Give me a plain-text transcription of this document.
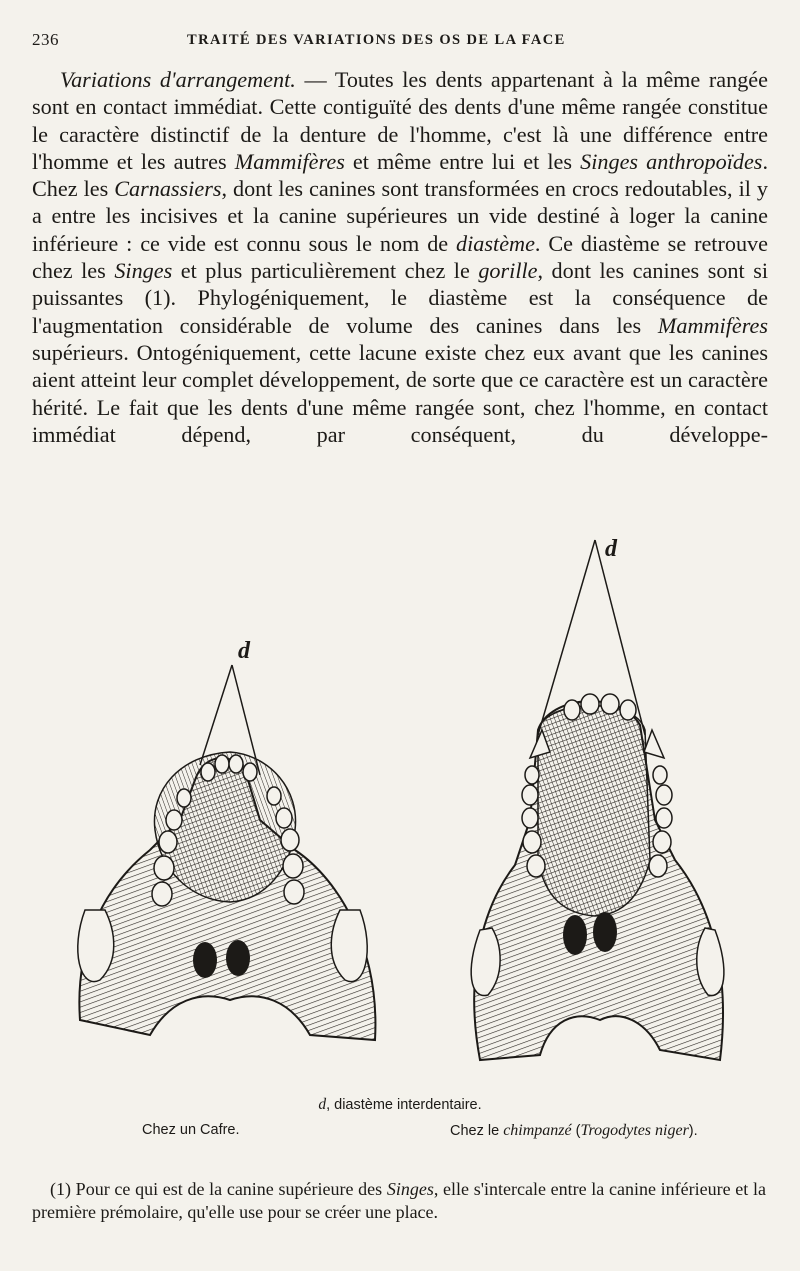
236	TRAITÉ DES VARIATIONS DES OS DE LA FACE

Variations d'arrangement. — Toutes les dents appartenant à la même rangée sont en contact immédiat. Cette contiguïté des dents d'une même rangée constitue le caractère distinctif de la denture de l'homme, c'est là une différence entre l'homme et les autres Mammifères et même entre lui et les Singes anthropoïdes. Chez les Carnassiers, dont les canines sont transformées en crocs redoutables, il y a entre les incisives et la canine supérieures un vide destiné à loger la canine inférieure : ce vide est connu sous le nom de diastème. Ce diastème se retrouve chez les Singes et plus particulièrement chez le gorille, dont les canines sont si puissantes (1). Phylogéniquement, le diastème est la conséquence de l'augmentation considérable de volume des canines dans les Mammifères supérieurs. Ontogéniquement, cette lacune existe chez eux avant que les canines aient atteint leur complet développement, de sorte que ce caractère est un caractère hérité. Le fait que les dents d'une même rangée sont, chez l'homme, en contact immédiat dépend, par conséquent, du développe-

d
d
d, diastème interdentaire.
Chez un Cafre.	Chez le chimpanzé (Trogodytes niger).

(1) Pour ce qui est de la canine supérieure des Singes, elle s'intercale entre la canine inférieure et la première prémolaire, qu'elle use pour se créer une place.
